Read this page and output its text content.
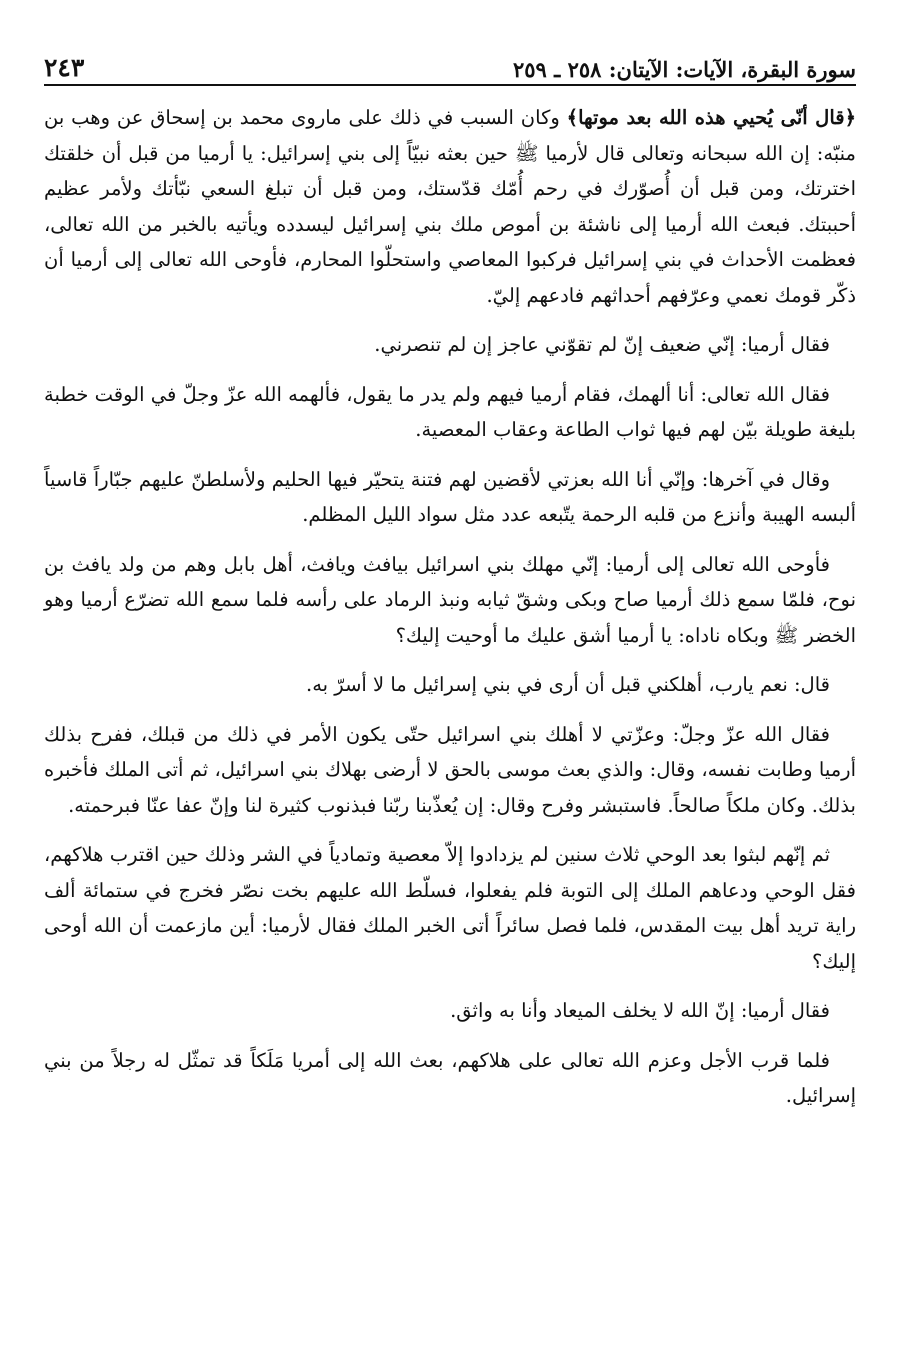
سورة البقرة، الآيات: الآيتان: ٢٥٨ ـ ٢٥٩
٢٤٣

﴿قال أنّى يُحيي هذه الله بعد موتها﴾ وكان السبب في ذلك على ماروى محمد بن إسحاق عن وهب بن منبّه: إن الله سبحانه وتعالى قال لأرميا ﷺ حين بعثه نبيّاً إلى بني إسرائيل: يا أرميا من قبل أن خلقتك اخترتك، ومن قبل أن أُصوّرك في رحم أُمّك قدّستك، ومن قبل أن تبلغ السعي نبّأتك ولأمر عظيم أحببتك. فبعث الله أرميا إلى ناشئة بن أموص ملك بني إسرائيل ليسدده ويأتيه بالخبر من الله تعالى، فعظمت الأحداث في بني إسرائيل فركبوا المعاصي واستحلّوا المحارم، فأوحى الله تعالى إلى أرميا أن ذكّر قومك نعمي وعرّفهم أحداثهم فادعهم إليّ.

فقال أرميا: إنّي ضعيف إنّ لم تقوّني عاجز إن لم تنصرني.

فقال الله تعالى: أنا ألهمك، فقام أرميا فيهم ولم يدر ما يقول، فألهمه الله عزّ وجلّ في الوقت خطبة بليغة طويلة بيّن لهم فيها ثواب الطاعة وعقاب المعصية.

وقال في آخرها: وإنّي أنا الله بعزتي لأقضين لهم فتنة يتحيّر فيها الحليم ولأسلطنّ عليهم جبّاراً قاسياً ألبسه الهيبة وأنزع من قلبه الرحمة يتّبعه عدد مثل سواد الليل المظلم.

فأوحى الله تعالى إلى أرميا: إنّي مهلك بني اسرائيل بيافث ويافث، أهل بابل وهم من ولد يافث بن نوح، فلمّا سمع ذلك أرميا صاح وبكى وشقّ ثيابه ونبذ الرماد على رأسه فلما سمع الله تضرّع أرميا وهو الخضر ﷺ وبكاه ناداه: يا أرميا أشق عليك ما أوحيت إليك؟

قال: نعم يارب، أهلكني قبل أن أرى في بني إسرائيل ما لا أسرّ به.

فقال الله عزّ وجلّ: وعزّتي لا أهلك بني اسرائيل حتّى يكون الأمر في ذلك من قبلك، ففرح بذلك أرميا وطابت نفسه، وقال: والذي بعث موسى بالحق لا أرضى بهلاك بني اسرائيل، ثم أتى الملك فأخبره بذلك. وكان ملكاً صالحاً. فاستبشر وفرح وقال: إن يُعذّبنا ربّنا فبذنوب كثيرة لنا وإنّ عفا عنّا فبرحمته.

ثم إنّهم لبثوا بعد الوحي ثلاث سنين لم يزدادوا إلاّ معصية وتمادياً في الشر وذلك حين اقترب هلاكهم، فقل الوحي ودعاهم الملك إلى التوبة فلم يفعلوا، فسلّط الله عليهم بخت نصّر فخرج في ستمائة ألف راية تريد أهل بيت المقدس، فلما فصل سائراً أتى الخبر الملك فقال لأرميا: أين مازعمت أن الله أوحى إليك؟

فقال أرميا: إنّ الله لا يخلف الميعاد وأنا به واثق.

فلما قرب الأجل وعزم الله تعالى على هلاكهم، بعث الله إلى أمريا مَلَكاً قد تمثّل له رجلاً من بني إسرائيل.
